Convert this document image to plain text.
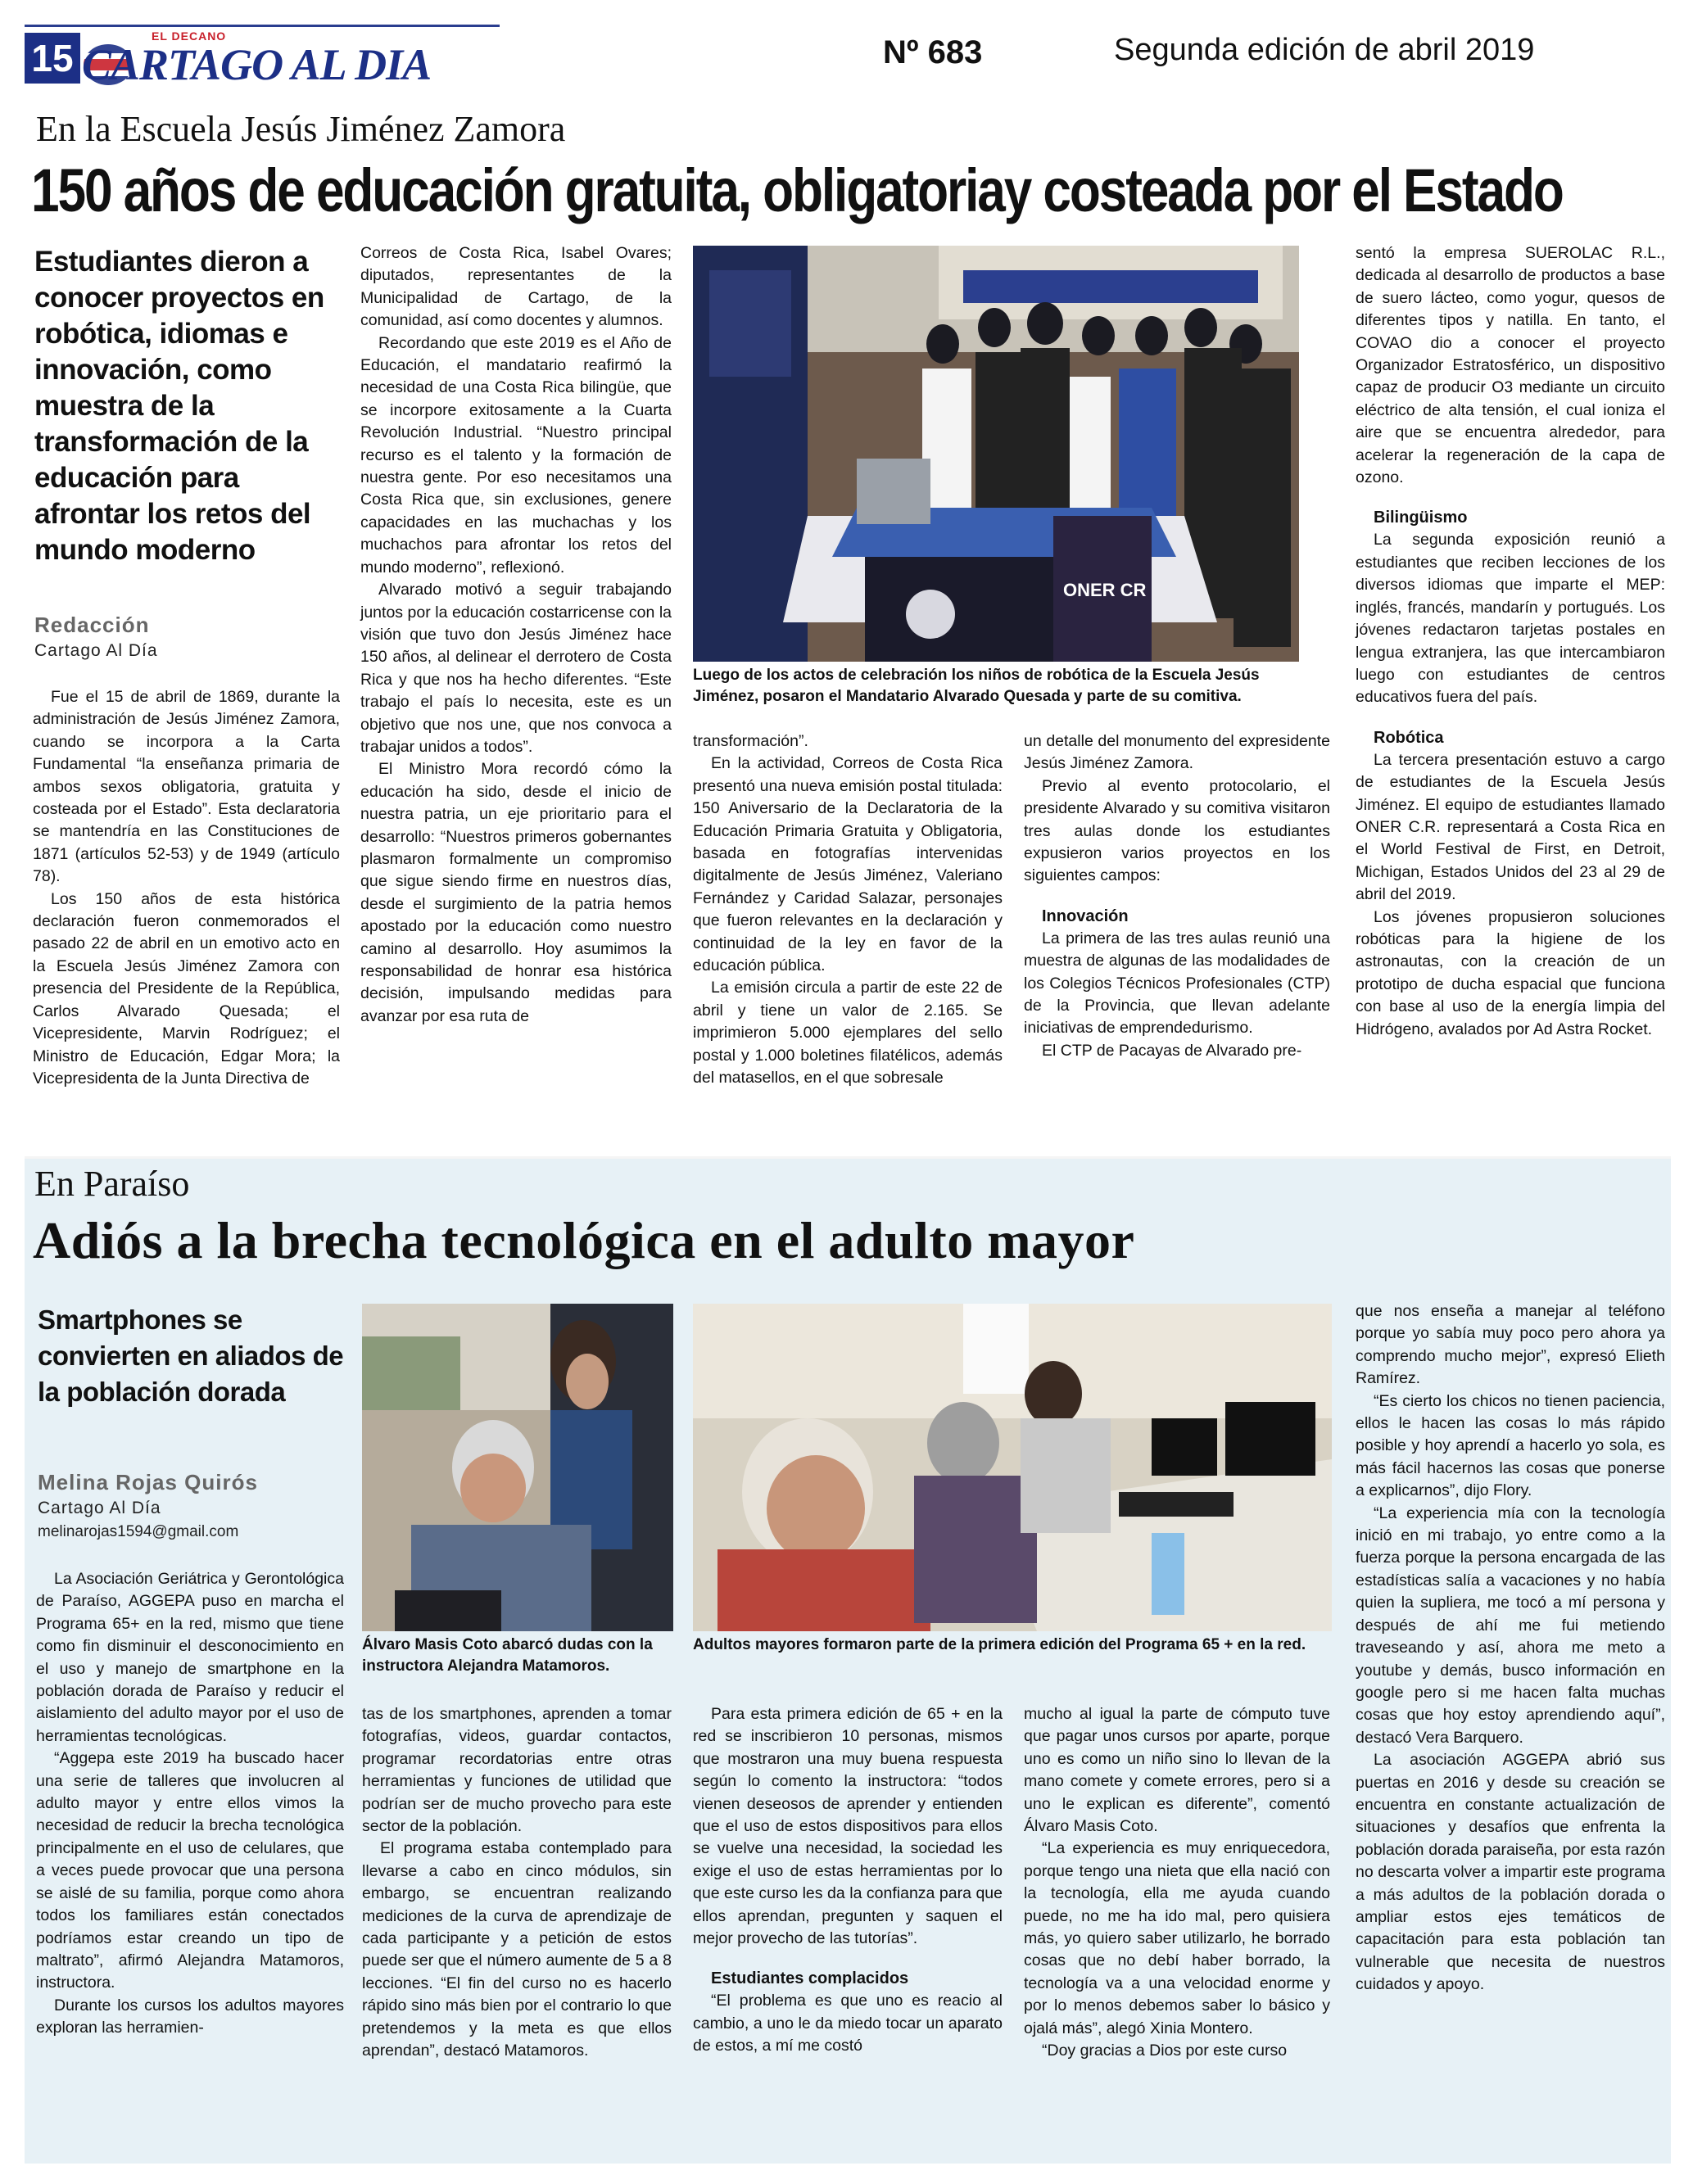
15
EL DECANO
CARTAGO AL DIA	Nº 683	Segunda edición de abril 2019
En la Escuela Jesús Jiménez Zamora
150 años de educación gratuita, obligatoriay costeada por el Estado
Estudiantes dieron a conocer proyectos en robótica, idiomas e innovación, como muestra de la transformación de la educación para afrontar los retos del mundo moderno
Redacción
Cartago Al Día

Fue el 15 de abril de 1869, durante la administración de Jesús Jiménez Zamora, cuando se incorpora a la Carta Fundamental “la enseñanza primaria de ambos sexos obligatoria, gratuita y costeada por el Estado”. Esta declaratoria se mantendría en las Constituciones de 1871 (artículos 52-53) y de 1949 (artículo 78).

Los 150 años de esta histórica declaración fueron conmemorados el pasado 22 de abril en un emotivo acto en la Escuela Jesús Jiménez Zamora con presencia del Presidente de la República, Carlos Alvarado Quesada; el Vicepresidente, Marvin Rodríguez; el Ministro de Educación, Edgar Mora; la Vicepresidenta de la Junta Directiva de

Correos de Costa Rica, Isabel Ovares; diputados, representantes de la Municipalidad de Cartago, de la comunidad, así como docentes y alumnos.

Recordando que este 2019 es el Año de Educación, el mandatario reafirmó la necesidad de una Costa Rica bilingüe, que se incorpore exitosamente a la Cuarta Revolución Industrial. “Nuestro principal recurso es el talento y la formación de nuestra gente. Por eso necesitamos una Costa Rica que, sin exclusiones, genere capacidades en las muchachas y los muchachos para afrontar los retos del mundo moderno”, reflexionó.

Alvarado motivó a seguir trabajando juntos por la educación costarricense con la visión que tuvo don Jesús Jiménez hace 150 años, al delinear el derrotero de Costa Rica y que nos ha hecho diferentes. “Este trabajo el país lo necesita, este es un objetivo que nos une, que nos convoca a trabajar unidos a todos”.

El Ministro Mora recordó cómo la educación ha sido, desde el inicio de nuestra patria, un eje prioritario para el desarrollo: “Nuestros primeros gobernantes plasmaron formalmente un compromiso que sigue siendo firme en nuestros días, desde el surgimiento de la patria hemos apostado por la educación como nuestro camino al desarrollo. Hoy asumimos la responsabilidad de honrar esa histórica decisión, impulsando medidas para avanzar por esa ruta de

ONER CR
Luego de los actos de celebración los niños de robótica de la Escuela Jesús Jiménez, posaron el Mandatario Alvarado Quesada y parte de su comitiva.

transformación”.

En la actividad, Correos de Costa Rica presentó una nueva emisión postal titulada: 150 Aniversario de la Declaratoria de la Educación Primaria Gratuita y Obligatoria, basada en fotografías intervenidas digitalmente de Jesús Jiménez, Valeriano Fernández y Caridad Salazar, personajes que fueron relevantes en la declaración y continuidad de la ley en favor de la educación pública.

La emisión circula a partir de este 22 de abril y tiene un valor de 2.165. Se imprimieron 5.000 ejemplares del sello postal y 1.000 boletines filatélicos, además del matasellos, en el que sobresale

un detalle del monumento del expresidente Jesús Jiménez Zamora.

Previo al evento protocolario, el presidente Alvarado y su comitiva visitaron tres aulas donde los estudiantes expusieron varios proyectos en los siguientes campos:

Innovación

La primera de las tres aulas reunió una muestra de algunas de las modalidades de los Colegios Técnicos Profesionales (CTP) de la Provincia, que llevan adelante iniciativas de emprendedurismo.

El CTP de Pacayas de Alvarado pre-

sentó la empresa SUEROLAC R.L., dedicada al desarrollo de productos a base de suero lácteo, como yogur, quesos de diferentes tipos y natilla. En tanto, el COVAO dio a conocer el proyecto Organizador Estratosférico, un dispositivo capaz de producir O3 mediante un circuito eléctrico de alta tensión, el cual ioniza el aire que se encuentra alrededor, para acelerar la regeneración de la capa de ozono.

Bilingüismo

La segunda exposición reunió a estudiantes que reciben lecciones de los diversos idiomas que imparte el MEP: inglés, francés, mandarín y portugués. Los jóvenes redactaron tarjetas postales en lengua extranjera, las que intercambiaron luego con estudiantes de centros educativos fuera del país.

Robótica

La tercera presentación estuvo a cargo de estudiantes de la Escuela Jesús Jiménez. El equipo de estudiantes llamado ONER C.R. representará a Costa Rica en el World Festival de First, en Detroit, Michigan, Estados Unidos del 23 al 29 de abril del 2019.

Los jóvenes propusieron soluciones robóticas para la higiene de los astronautas, con la creación de un prototipo de ducha espacial que funciona con base al uso de la energía limpia del Hidrógeno, avalados por Ad Astra Rocket.

En Paraíso
Adiós a la brecha tecnológica en el adulto mayor
Smartphones se convierten en aliados de la población dorada
Melina Rojas Quirós
Cartago Al Día
melinarojas1594@gmail.com

La Asociación Geriátrica y Gerontológica de Paraíso, AGGEPA puso en marcha el Programa 65+ en la red, mismo que tiene como fin disminuir el desconocimiento en el uso y manejo de smartphone en la población dorada de Paraíso y reducir el aislamiento del adulto mayor por el uso de herramientas tecnológicas.

“Aggepa este 2019 ha buscado hacer una serie de talleres que involucren al adulto mayor y entre ellos vimos la necesidad de reducir la brecha tecnológica principalmente en el uso de celulares, que a veces puede provocar que una persona se aislé de su familia, porque como ahora todos los familiares están conectados podríamos estar creando un tipo de maltrato”, afirmó Alejandra Matamoros, instructora.

Durante los cursos los adultos mayores exploran las herramien-

Álvaro Masis Coto abarcó dudas con la instructora Alejandra Matamoros.

tas de los smartphones, aprenden a tomar fotografías, videos, guardar contactos, programar recordatorias entre otras herramientas y funciones de utilidad que podrían ser de mucho provecho para este sector de la población.

El programa estaba contemplado para llevarse a cabo en cinco módulos, sin embargo, se encuentran realizando mediciones de la curva de aprendizaje de cada participante y a petición de estos puede ser que el número aumente de 5 a 8 lecciones. “El fin del curso no es hacerlo rápido sino más bien por el contrario lo que pretendemos y la meta es que ellos aprendan”, destacó Matamoros.

Adultos mayores formaron parte de la primera edición del Programa 65 + en la red.

Para esta primera edición de 65 + en la red se inscribieron 10 personas, mismos que mostraron una muy buena respuesta según lo comento la instructora: “todos vienen deseosos de aprender y entienden que el uso de estos dispositivos para ellos se vuelve una necesidad, la sociedad les exige el uso de estas herramientas por lo que este curso les da la confianza para que ellos aprendan, pregunten y saquen el mejor provecho de las tutorías”.

Estudiantes complacidos

“El problema es que uno es reacio al cambio, a uno le da miedo tocar un aparato de estos, a mí me costó

mucho al igual la parte de cómputo tuve que pagar unos cursos por aparte, porque uno es como un niño sino lo llevan de la mano comete y comete errores, pero si a uno le explican es diferente”, comentó Álvaro Masis Coto.

“La experiencia es muy enriquecedora, porque tengo una nieta que ella nació con la tecnología, ella me ayuda cuando puede, no me ha ido mal, pero quisiera más, yo quiero saber utilizarlo, he borrado cosas que no debí haber borrado, la tecnología va a una velocidad enorme y por lo menos debemos saber lo básico y ojalá más”, alegó Xinia Montero.

“Doy gracias a Dios por este curso

que nos enseña a manejar al teléfono porque yo sabía muy poco pero ahora ya comprendo mucho mejor”, expresó Elieth Ramírez.

“Es cierto los chicos no tienen paciencia, ellos le hacen las cosas lo más rápido posible y hoy aprendí a hacerlo yo sola, es más fácil hacernos las cosas que ponerse a explicarnos”, dijo Flory.

“La experiencia mía con la tecnología inició en mi trabajo, yo entre como a la fuerza porque la persona encargada de las estadísticas salía a vacaciones y no había quien la supliera, me tocó a mí persona y después de ahí me fui metiendo traveseando y así, ahora me meto a youtube y demás, busco información en google pero si me hacen falta muchas cosas que hoy estoy aprendiendo aquí”, destacó Vera Barquero.

La asociación AGGEPA abrió sus puertas en 2016 y desde su creación se encuentra en constante actualización de situaciones y desafíos que enfrenta la población dorada paraiseña, por esta razón no descarta volver a impartir este programa a más adultos de la población dorada o ampliar estos ejes temáticos de capacitación para esta población tan vulnerable que necesita de nuestros cuidados y apoyo.
